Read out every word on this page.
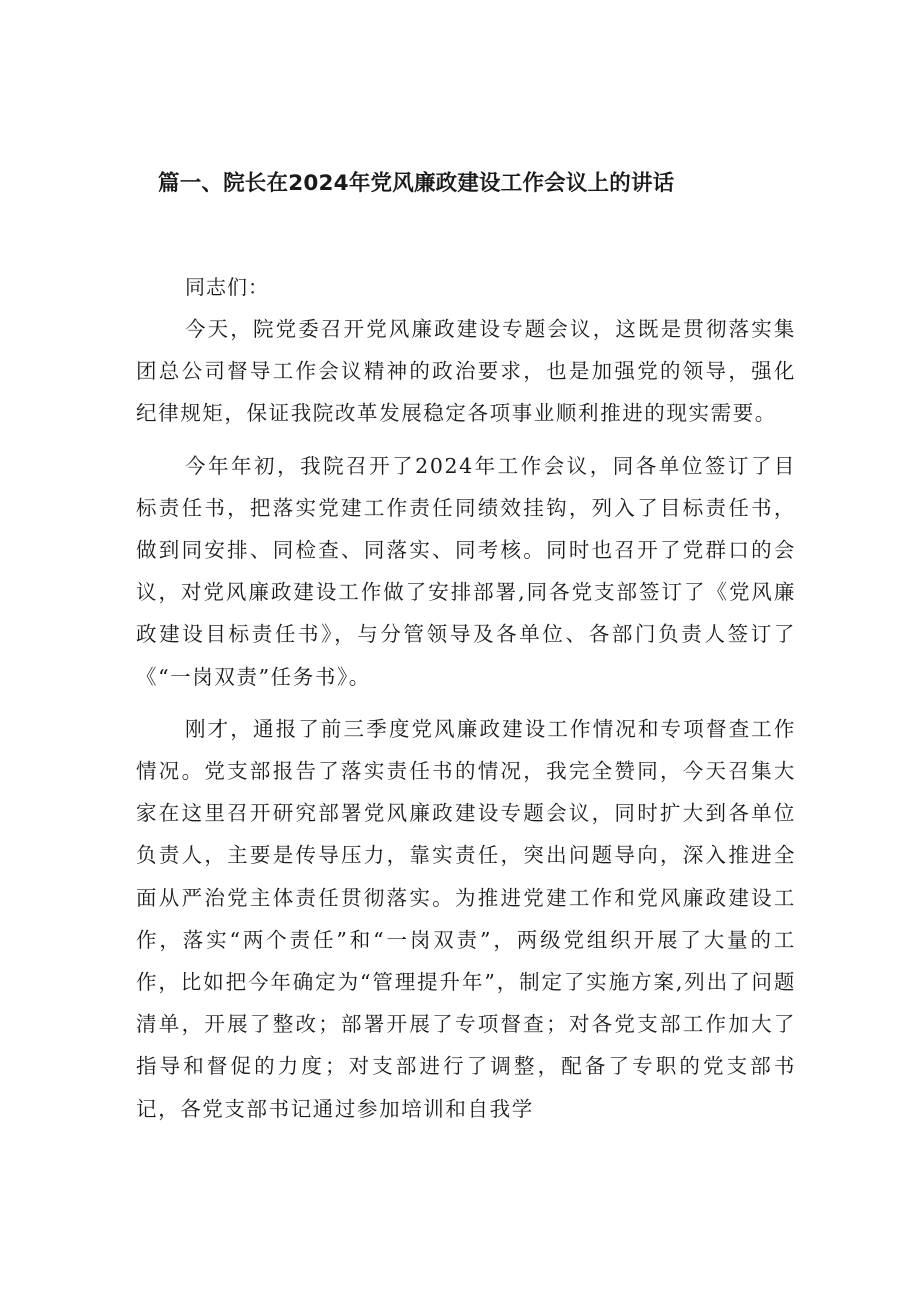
篇一、院长在2024年党风廉政建设工作会议上的讲话

同志们：

今天，院党委召开党风廉政建设专题会议，这既是贯彻落实集团总公司督导工作会议精神的政治要求，也是加强党的领导，强化纪律规矩，保证我院改革发展稳定各项事业顺利推进的现实需要。

今年年初，我院召开了2024年工作会议，同各单位签订了目标责任书，把落实党建工作责任同绩效挂钩，列入了目标责任书，做到同安排、同检查、同落实、同考核。同时也召开了党群口的会议，对党风廉政建设工作做了安排部署,同各党支部签订了《党风廉政建设目标责任书》，与分管领导及各单位、各部门负责人签订了《“一岗双责”任务书》。

刚才，通报了前三季度党风廉政建设工作情况和专项督查工作情况。党支部报告了落实责任书的情况，我完全赞同，今天召集大家在这里召开研究部署党风廉政建设专题会议，同时扩大到各单位负责人，主要是传导压力，靠实责任，突出问题导向，深入推进全面从严治党主体责任贯彻落实。为推进党建工作和党风廉政建设工作，落实“两个责任”和“一岗双责”，两级党组织开展了大量的工作，比如把今年确定为“管理提升年”，制定了实施方案,列出了问题清单，开展了整改；部署开展了专项督查；对各党支部工作加大了指导和督促的力度；对支部进行了调整，配备了专职的党支部书记，各党支部书记通过参加培训和自我学
